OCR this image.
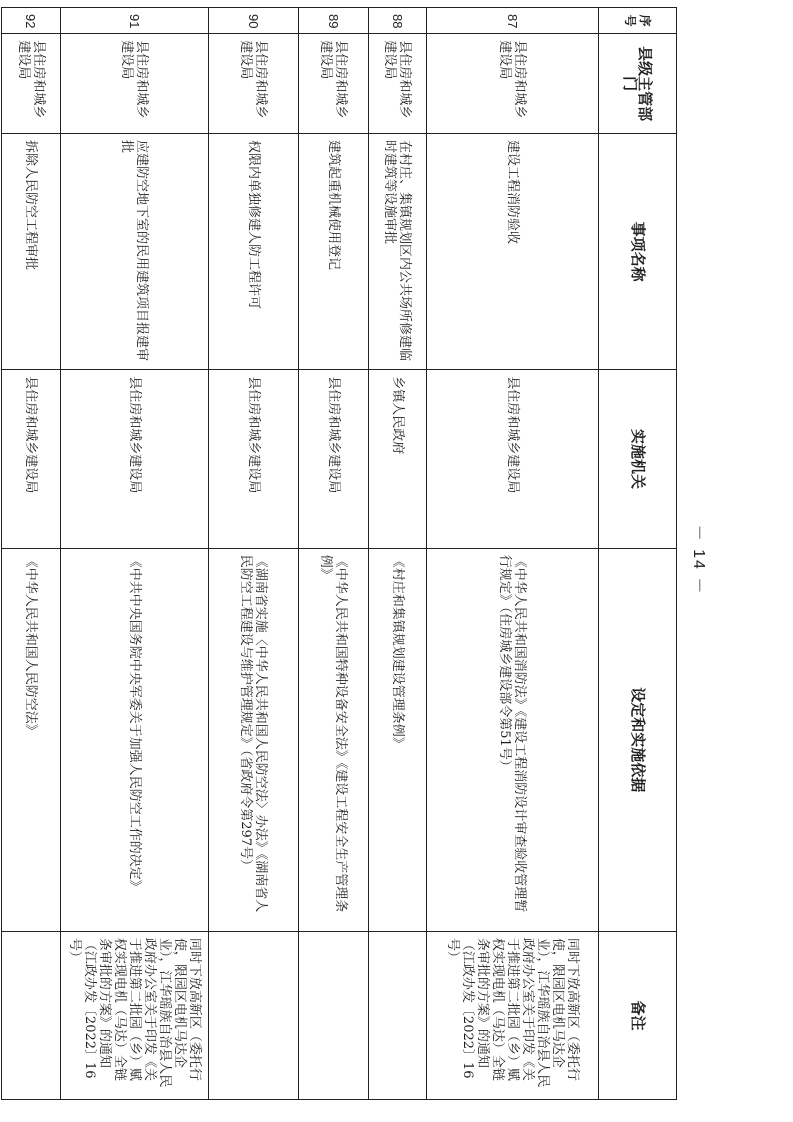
序号	县级主管部门	事项名称	实施机关	设定和实施依据	备注
87	县住房和城乡建设局	建设工程消防验收	县住房和城乡建设局	《中华人民共和国消防法》《建设工程消防设计审查验收管理暂行规定》（住房城乡建设部令第51号）	同时下放高新区（委托行使，限园区电机马达企业），江华瑶族自治县人民政府办公室关于印发《关于推进第二批园（乡）赋权实现电机（马达）全链条审批的方案》的通知（江政办发〔2022〕16号）
88	县住房和城乡建设局	在村庄、集镇规划区内公共场所修建临时建筑等设施审批	乡镇人民政府	《村庄和集镇规划建设管理条例》	
89	县住房和城乡建设局	建筑起重机械使用登记	县住房和城乡建设局	《中华人民共和国特种设备安全法》《建设工程安全生产管理条例》	
90	县住房和城乡建设局	权限内单独修建人防工程许可	县住房和城乡建设局	《湖南省实施〈中华人民共和国人民防空法〉办法》《湖南省人民防空工程建设与维护管理规定》（省政府令第297号）	
91	县住房和城乡建设局	应建防空地下室的民用建筑项目报建审批	县住房和城乡建设局	《中共中央国务院中央军委关于加强人民防空工作的决定》	同时下放高新区（委托行使，限园区电机马达企业），江华瑶族自治县人民政府办公室关于印发《关于推进第二批园（乡）赋权实现电机（马达）全链条审批的方案》的通知（江政办发〔2022〕16号）
92	县住房和城乡建设局	拆除人民防空工程审批	县住房和城乡建设局	《中华人民共和国人民防空法》		－ 14 －
